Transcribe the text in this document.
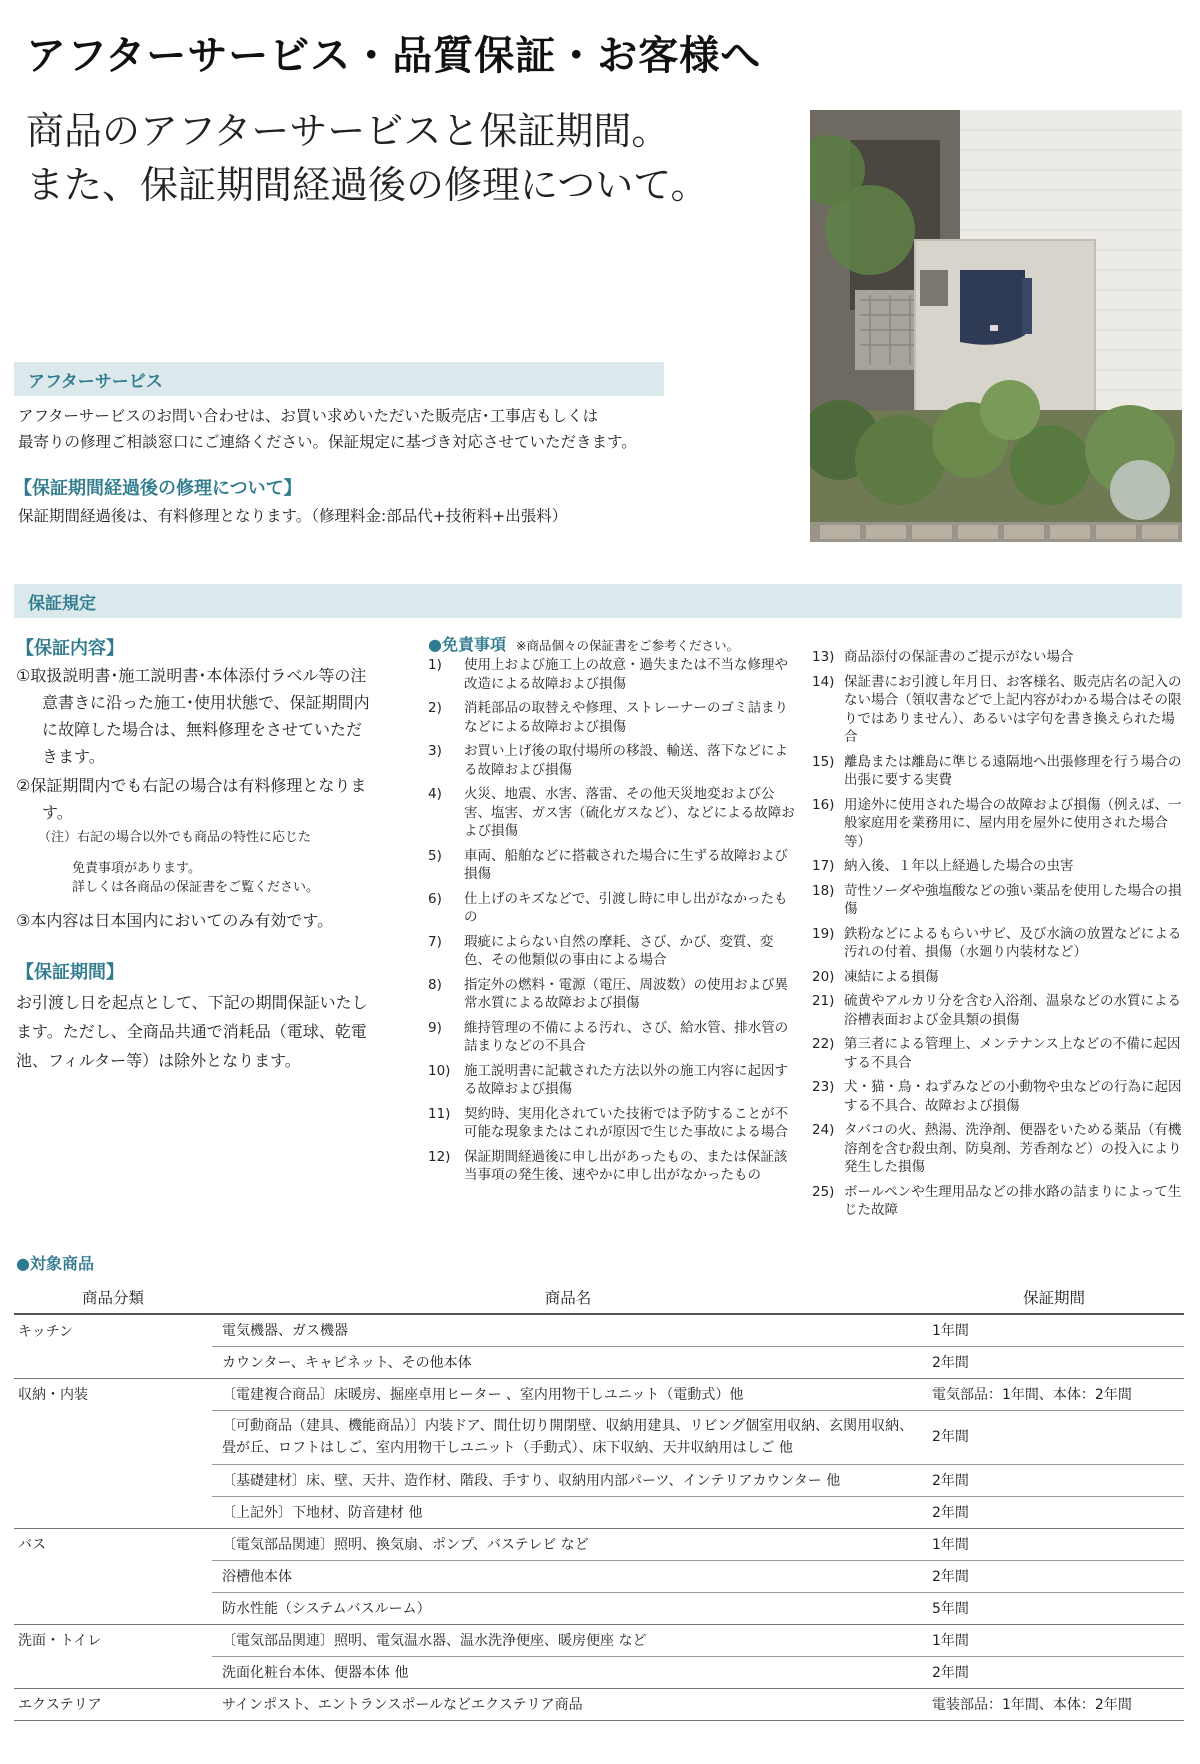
アフターサービス・品質保証・お客様へ
商品のアフターサービスと保証期間。
また、保証期間経過後の修理について。
アフターサービス
アフターサービスのお問い合わせは、お買い求めいただいた販売店･工事店もしくは
最寄りの修理ご相談窓口にご連絡ください。保証規定に基づき対応させていただきます。
【保証期間経過後の修理について】
保証期間経過後は、有料修理となります。（修理料金:部品代+技術料+出張料）
保証規定
【保証内容】
①取扱説明書･施工説明書･本体添付ラベル等の注意書きに沿った施工･使用状態で、保証期間内に故障した場合は、無料修理をさせていただきます。
②保証期間内でも右記の場合は有料修理となります。
（注）右記の場合以外でも商品の特性に応じた
免責事項があります。
詳しくは各商品の保証書をご覧ください。
③本内容は日本国内においてのみ有効です。
【保証期間】
お引渡し日を起点として、下記の期間保証いたします。ただし、全商品共通で消耗品（電球、乾電池、フィルター等）は除外となります。
●免責事項 ※商品個々の保証書をご参考ください。
1)	使用上および施工上の故意・過失または不当な修理や改造による故障および損傷
2)	消耗部品の取替えや修理、ストレーナーのゴミ詰まりなどによる故障および損傷
3)	お買い上げ後の取付場所の移設、輸送、落下などによる故障および損傷
4)	火災、地震、水害、落雷、その他天災地変および公害、塩害、ガス害（硫化ガスなど）、などによる故障および損傷
5)	車両、船舶などに搭載された場合に生ずる故障および損傷
6)	仕上げのキズなどで、引渡し時に申し出がなかったもの
7)	瑕疵によらない自然の摩耗、さび、かび、変質、変色、その他類似の事由による場合
8)	指定外の燃料・電源（電圧、周波数）の使用および異常水質による故障および損傷
9)	維持管理の不備による汚れ、さび、給水管、排水管の詰まりなどの不具合
10)	施工説明書に記載された方法以外の施工内容に起因する故障および損傷
11)	契約時、実用化されていた技術では予防することが不可能な現象またはこれが原因で生じた事故による場合
12)	保証期間経過後に申し出があったもの、または保証該当事項の発生後、速やかに申し出がなかったもの
13) 商品添付の保証書のご提示がない場合
14) 保証書にお引渡し年月日、お客様名、販売店名の記入のない場合（領収書などで上記内容がわかる場合はその限りではありません）、あるいは字句を書き換えられた場合
15) 離島または離島に準じる遠隔地へ出張修理を行う場合の出張に要する実費
16) 用途外に使用された場合の故障および損傷（例えば、一般家庭用を業務用に、屋内用を屋外に使用された場合等）
17) 納入後、１年以上経過した場合の虫害
18) 苛性ソーダや強塩酸などの強い薬品を使用した場合の損傷
19) 鉄粉などによるもらいサビ、及び水滴の放置などによる汚れの付着、損傷（水廻り内装材など）
20) 凍結による損傷
21) 硫黄やアルカリ分を含む入浴剤、温泉などの水質による浴槽表面および金具類の損傷
22) 第三者による管理上、メンテナンス上などの不備に起因する不具合
23) 犬・猫・鳥・ねずみなどの小動物や虫などの行為に起因する不具合、故障および損傷
24) タバコの火、熱湯、洗浄剤、便器をいためる薬品（有機溶剤を含む殺虫剤、防臭剤、芳香剤など）の投入により発生した損傷
25) ボールペンや生理用品などの排水路の詰まりによって生じた故障
●対象商品
商品分類	商品名	保証期間
キッチン	電気機器、ガス機器	1年間
	カウンター、キャビネット、その他本体	2年間
収納・内装	〔電建複合商品〕床暖房、掘座卓用ヒーター 、室内用物干しユニット（電動式）他	電気部品：1年間、本体：2年間

	〔可動商品（建具、機能商品）〕内装ドア、間仕切り開閉壁、収納用建具、リビング個室用収納、玄関用収納、
畳が丘、ロフトはしご、室内用物干しユニット（手動式）、床下収納、天井収納用はしご 他	2年間
	〔基礎建材〕床、壁、天井、造作材、階段、手すり、収納用内部パーツ、インテリアカウンター 他	2年間
	〔上記外〕下地材、防音建材 他	2年間
バス	〔電気部品関連〕照明、換気扇、ポンプ、バステレビ など	1年間
	浴槽他本体	2年間
	防水性能（システムバスルーム）	5年間
洗面・トイレ	〔電気部品関連〕照明、電気温水器、温水洗浄便座、暖房便座 など	1年間
	洗面化粧台本体、便器本体 他	2年間
エクステリア	サインポスト、エントランスポールなどエクステリア商品	電装部品：1年間、本体：2年間
